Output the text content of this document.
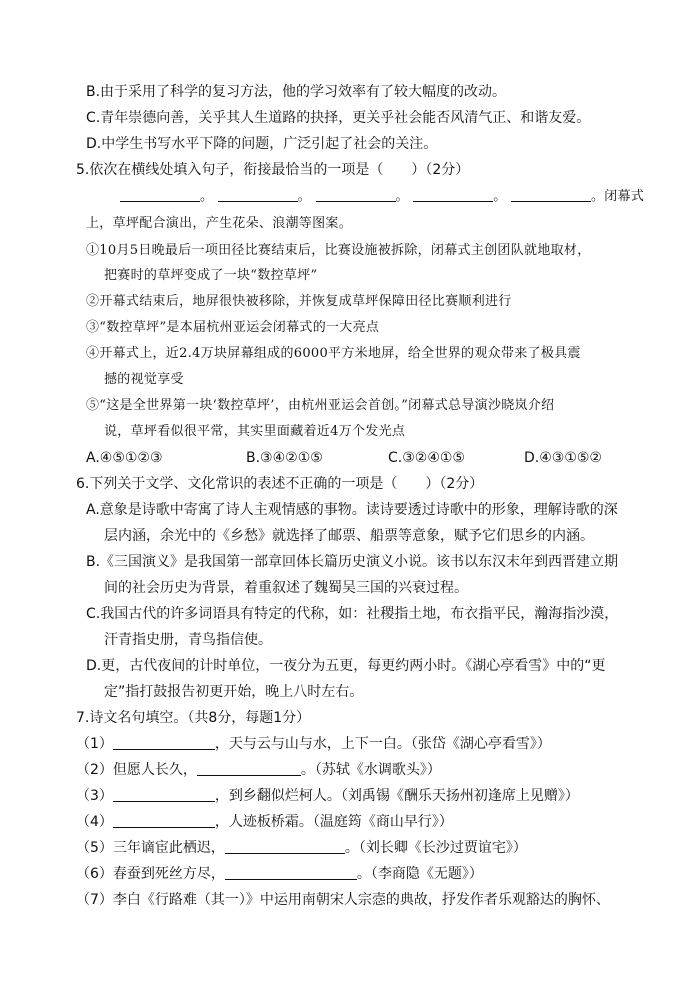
B.由于采用了科学的复习方法，他的学习效率有了较大幅度的改动。
C.青年崇德向善，关乎其人生道路的抉择，更关乎社会能否风清气正、和谐友爱。
D.中学生书写水平下降的问题，广泛引起了社会的关注。
5.依次在横线处填入句子，衔接最恰当的一项是（　　）（2分）
。	。	。	。	。闭幕式
上，草坪配合演出，产生花朵、浪潮等图案。
①10月5日晚最后一项田径比赛结束后，比赛设施被拆除，闭幕式主创团队就地取材，
把赛时的草坪变成了一块“数控草坪”
②开幕式结束后，地屏很快被移除，并恢复成草坪保障田径比赛顺利进行
③“数控草坪”是本届杭州亚运会闭幕式的一大亮点
④开幕式上，近2.4万块屏幕组成的6000平方米地屏，给全世界的观众带来了极具震
撼的视觉享受
⑤“这是全世界第一块‘数控草坪’，由杭州亚运会首创。”闭幕式总导演沙晓岚介绍
说，草坪看似很平常，其实里面藏着近4万个发光点
A.④⑤①②③	B.③④②①⑤	C.③②④①⑤	D.④③①⑤②
6.下列关于文学、文化常识的表述不正确的一项是（　　）（2分）
A.意象是诗歌中寄寓了诗人主观情感的事物。读诗要透过诗歌中的形象，理解诗歌的深
层内涵，余光中的《乡愁》就选择了邮票、船票等意象，赋予它们思乡的内涵。
B.《三国演义》是我国第一部章回体长篇历史演义小说。该书以东汉末年到西晋建立期
间的社会历史为背景，着重叙述了魏蜀吴三国的兴衰过程。
C.我国古代的许多词语具有特定的代称，如：社稷指土地，布衣指平民，瀚海指沙漠，
汗青指史册，青鸟指信使。
D.更，古代夜间的计时单位，一夜分为五更，每更约两小时。《湖心亭看雪》中的“更
定”指打鼓报告初更开始，晚上八时左右。
7.诗文名句填空。（共8分，每题1分）
（1）	，天与云与山与水，上下一白。（张岱《湖心亭看雪》）
（2）但愿人长久，	。（苏轼《水调歌头》）
（3）	，到乡翻似烂柯人。（刘禹锡《酬乐天扬州初逢席上见赠》）
（4）	，人迹板桥霜。（温庭筠《商山早行》）
（5）三年谪宦此栖迟，	。（刘长卿《长沙过贾谊宅》）
（6）春蚕到死丝方尽，	。（李商隐《无题》）
（7）李白《行路难（其一）》中运用南朝宋人宗悫的典故，抒发作者乐观豁达的胸怀、
